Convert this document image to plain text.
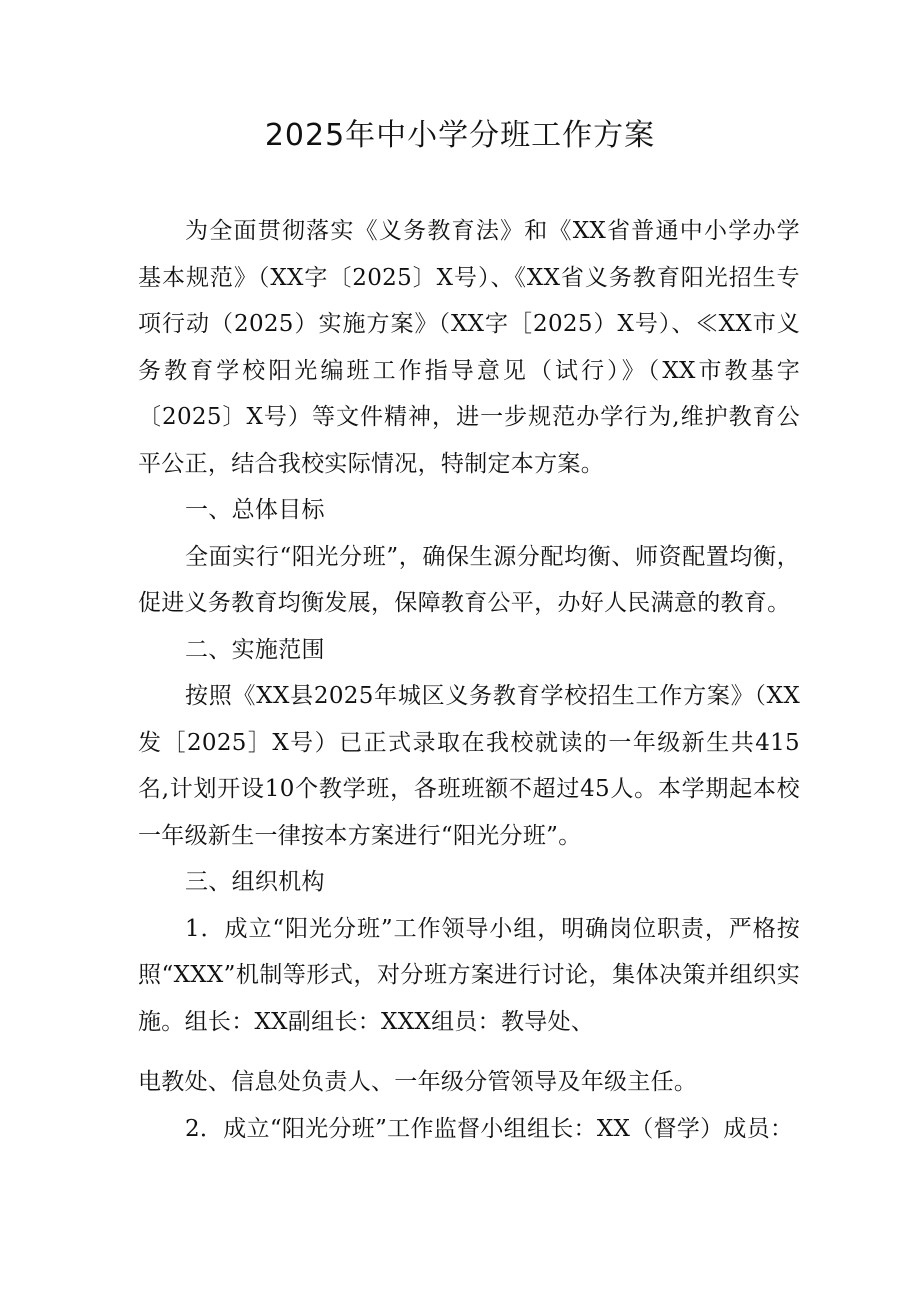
2025年中小学分班工作方案

为全面贯彻落实《义务教育法》和《XX省普通中小学办学基本规范》（XX字〔2025〕X号）、《XX省义务教育阳光招生专项行动（2025）实施方案》（XX字［2025）X号）、≪XX市义务教育学校阳光编班工作指导意见（试行）》（XX市教基字〔2025〕X号）等文件精神，进一步规范办学行为,维护教育公平公正，结合我校实际情况，特制定本方案。

一、总体目标

全面实行“阳光分班”，确保生源分配均衡、师资配置均衡，促进义务教育均衡发展，保障教育公平，办好人民满意的教育。

二、实施范围

按照《XX县2025年城区义务教育学校招生工作方案》（XX发［2025］X号）已正式录取在我校就读的一年级新生共415名,计划开设10个教学班，各班班额不超过45人。本学期起本校一年级新生一律按本方案进行“阳光分班”。

三、组织机构

1．成立“阳光分班”工作领导小组，明确岗位职责，严格按照“XXX”机制等形式，对分班方案进行讨论，集体决策并组织实施。组长：XX副组长：XXX组员：教导处、

电教处、信息处负责人、一年级分管领导及年级主任。

2．成立“阳光分班”工作监督小组组长：XX（督学）成员：
